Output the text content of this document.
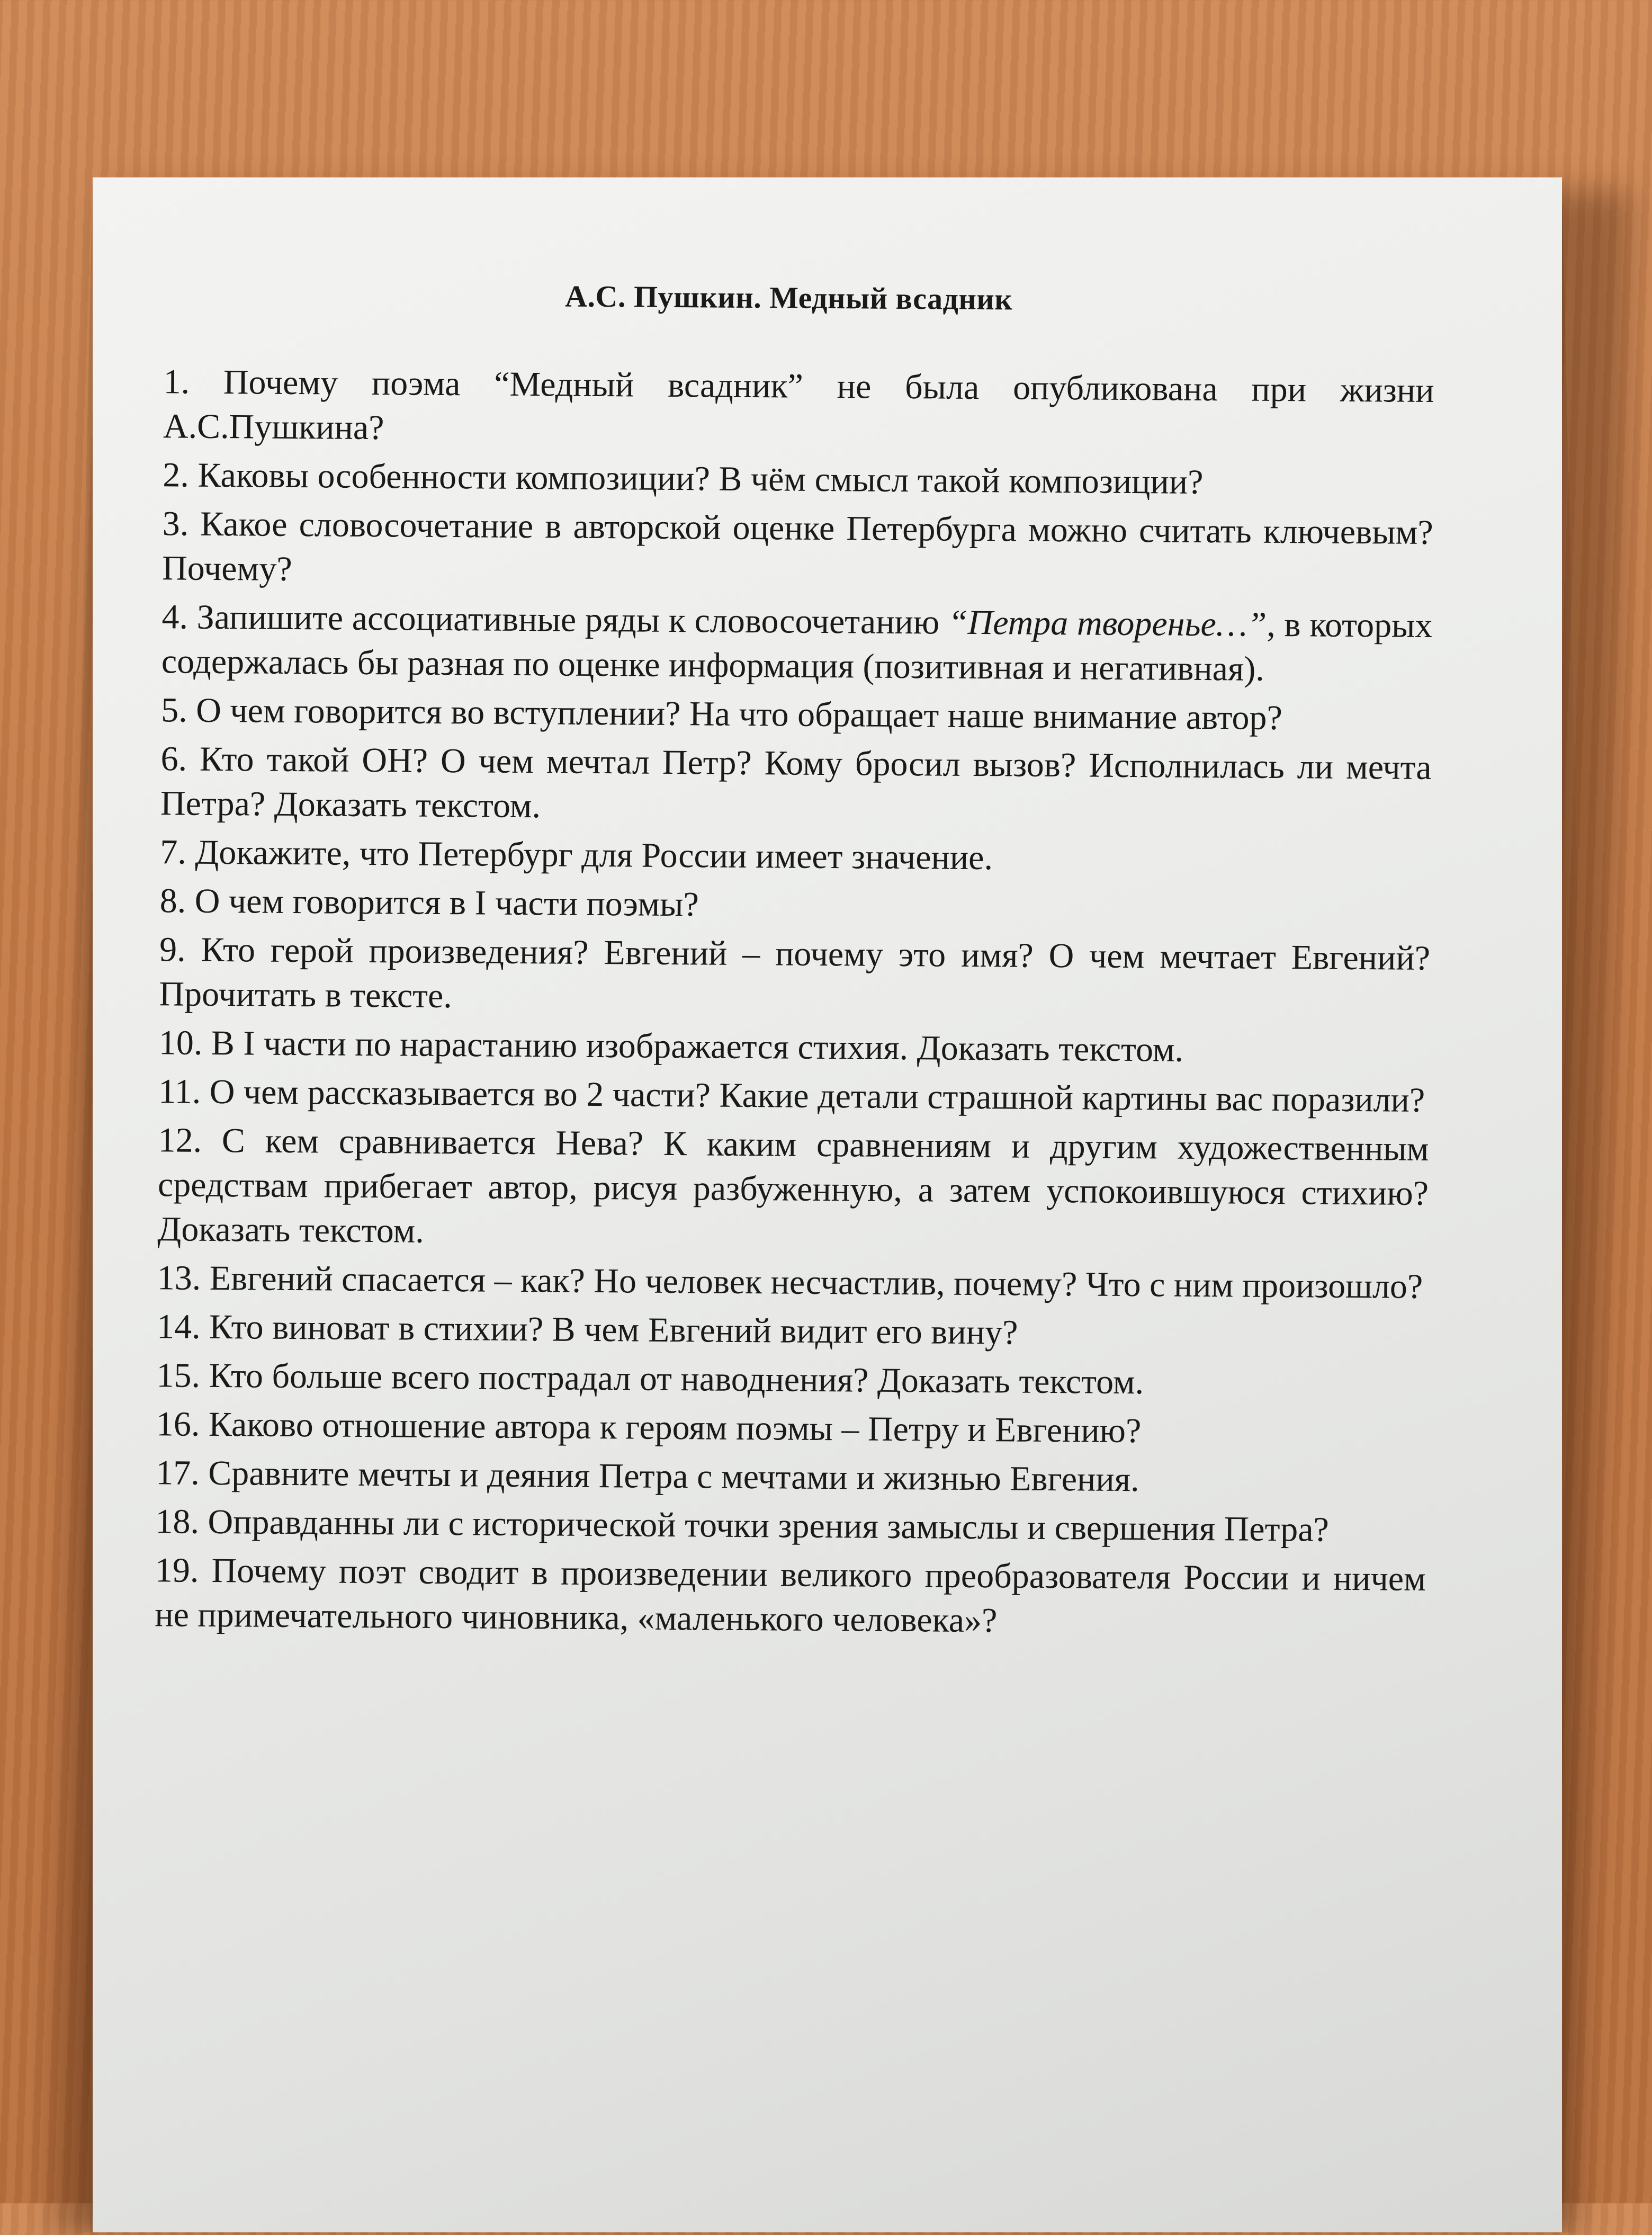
А.С. Пушкин. Медный всадник
1. Почему поэма “Медный всадник” не была опубликована при жизни А.С.Пушкина?
2. Каковы особенности композиции? В чём смысл такой композиции?
3. Какое словосочетание в авторской оценке Петербурга можно считать ключевым? Почему?
4. Запишите ассоциативные ряды к словосочетанию “Петра творенье…”, в которых содержалась бы разная по оценке информация (позитивная и негативная).
5. О чем говорится во вступлении? На что обращает наше внимание автор?
6. Кто такой ОН? О чем мечтал Петр? Кому бросил вызов? Исполнилась ли мечта Петра? Доказать текстом.
7. Докажите, что Петербург для России имеет значение.
8. О чем говорится в I части поэмы?
9. Кто герой произведения? Евгений – почему это имя? О чем мечтает Евгений? Прочитать в тексте.
10. В I части по нарастанию изображается стихия. Доказать текстом.
11. О чем рассказывается во 2 части? Какие детали страшной картины вас поразили?
12. С кем сравнивается Нева? К каким сравнениям и другим художественным средствам прибегает автор, рисуя разбуженную, а затем успокоившуюся стихию? Доказать текстом.
13. Евгений спасается – как? Но человек несчастлив, почему? Что с ним произошло?
14. Кто виноват в стихии? В чем Евгений видит его вину?
15. Кто больше всего пострадал от наводнения? Доказать текстом.
16. Каково отношение автора к героям поэмы – Петру и Евгению?
17. Сравните мечты и деяния Петра с мечтами и жизнью Евгения.
18. Оправданны ли с исторической точки зрения замыслы и свершения Петра?
19. Почему поэт сводит в произведении великого преобразователя России и ничем не примечательного чиновника, «маленького человека»?
